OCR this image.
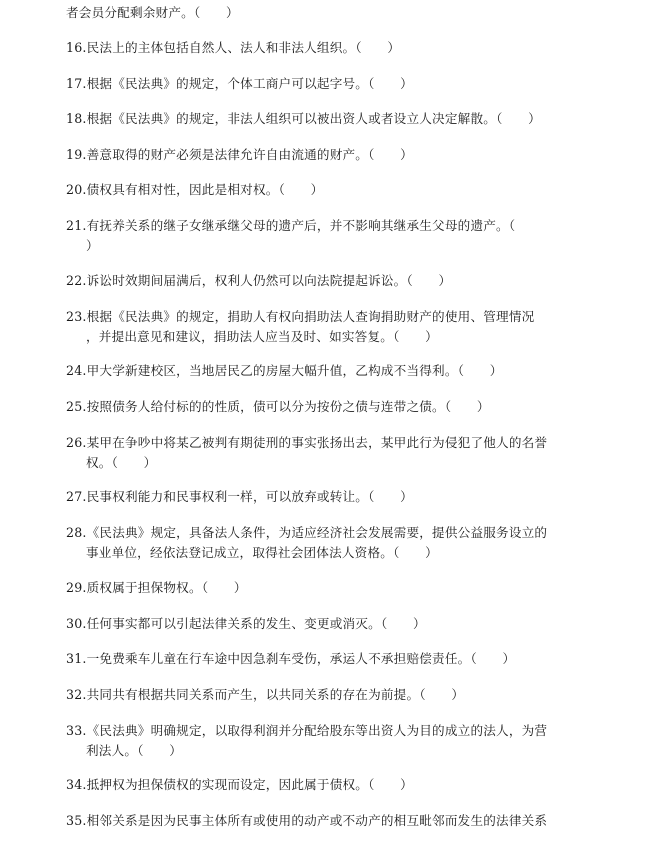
者会员分配剩余财产。（　　）
16.民法上的主体包括自然人、法人和非法人组织。（　　）
17.根据《民法典》的规定，个体工商户可以起字号。（　　）
18.根据《民法典》的规定，非法人组织可以被出资人或者设立人决定解散。（　　）
19.善意取得的财产必须是法律允许自由流通的财产。（　　）
20.债权具有相对性，因此是相对权。（　　）
21.有抚养关系的继子女继承继父母的遗产后，并不影响其继承生父母的遗产。（
）
22.诉讼时效期间届满后，权利人仍然可以向法院提起诉讼。（　　）
23.根据《民法典》的规定，捐助人有权向捐助法人查询捐助财产的使用、管理情况
，并提出意见和建议，捐助法人应当及时、如实答复。（　　）
24.甲大学新建校区，当地居民乙的房屋大幅升值，乙构成不当得利。（　　）
25.按照债务人给付标的的性质，债可以分为按份之债与连带之债。（　　）
26.某甲在争吵中将某乙被判有期徒刑的事实张扬出去，某甲此行为侵犯了他人的名誉
权。（　　）
27.民事权利能力和民事权利一样，可以放弃或转让。（　　）
28.《民法典》规定，具备法人条件，为适应经济社会发展需要，提供公益服务设立的
事业单位，经依法登记成立，取得社会团体法人资格。（　　）
29.质权属于担保物权。（　　）
30.任何事实都可以引起法律关系的发生、变更或消灭。（　　）
31.一免费乘车儿童在行车途中因急刹车受伤，承运人不承担赔偿责任。（　　）
32.共同共有根据共同关系而产生，以共同关系的存在为前提。（　　）
33.《民法典》明确规定，以取得利润并分配给股东等出资人为目的成立的法人，为营
利法人。（　　）
34.抵押权为担保债权的实现而设定，因此属于债权。（　　）
35.相邻关系是因为民事主体所有或使用的动产或不动产的相互毗邻而发生的法律关系
